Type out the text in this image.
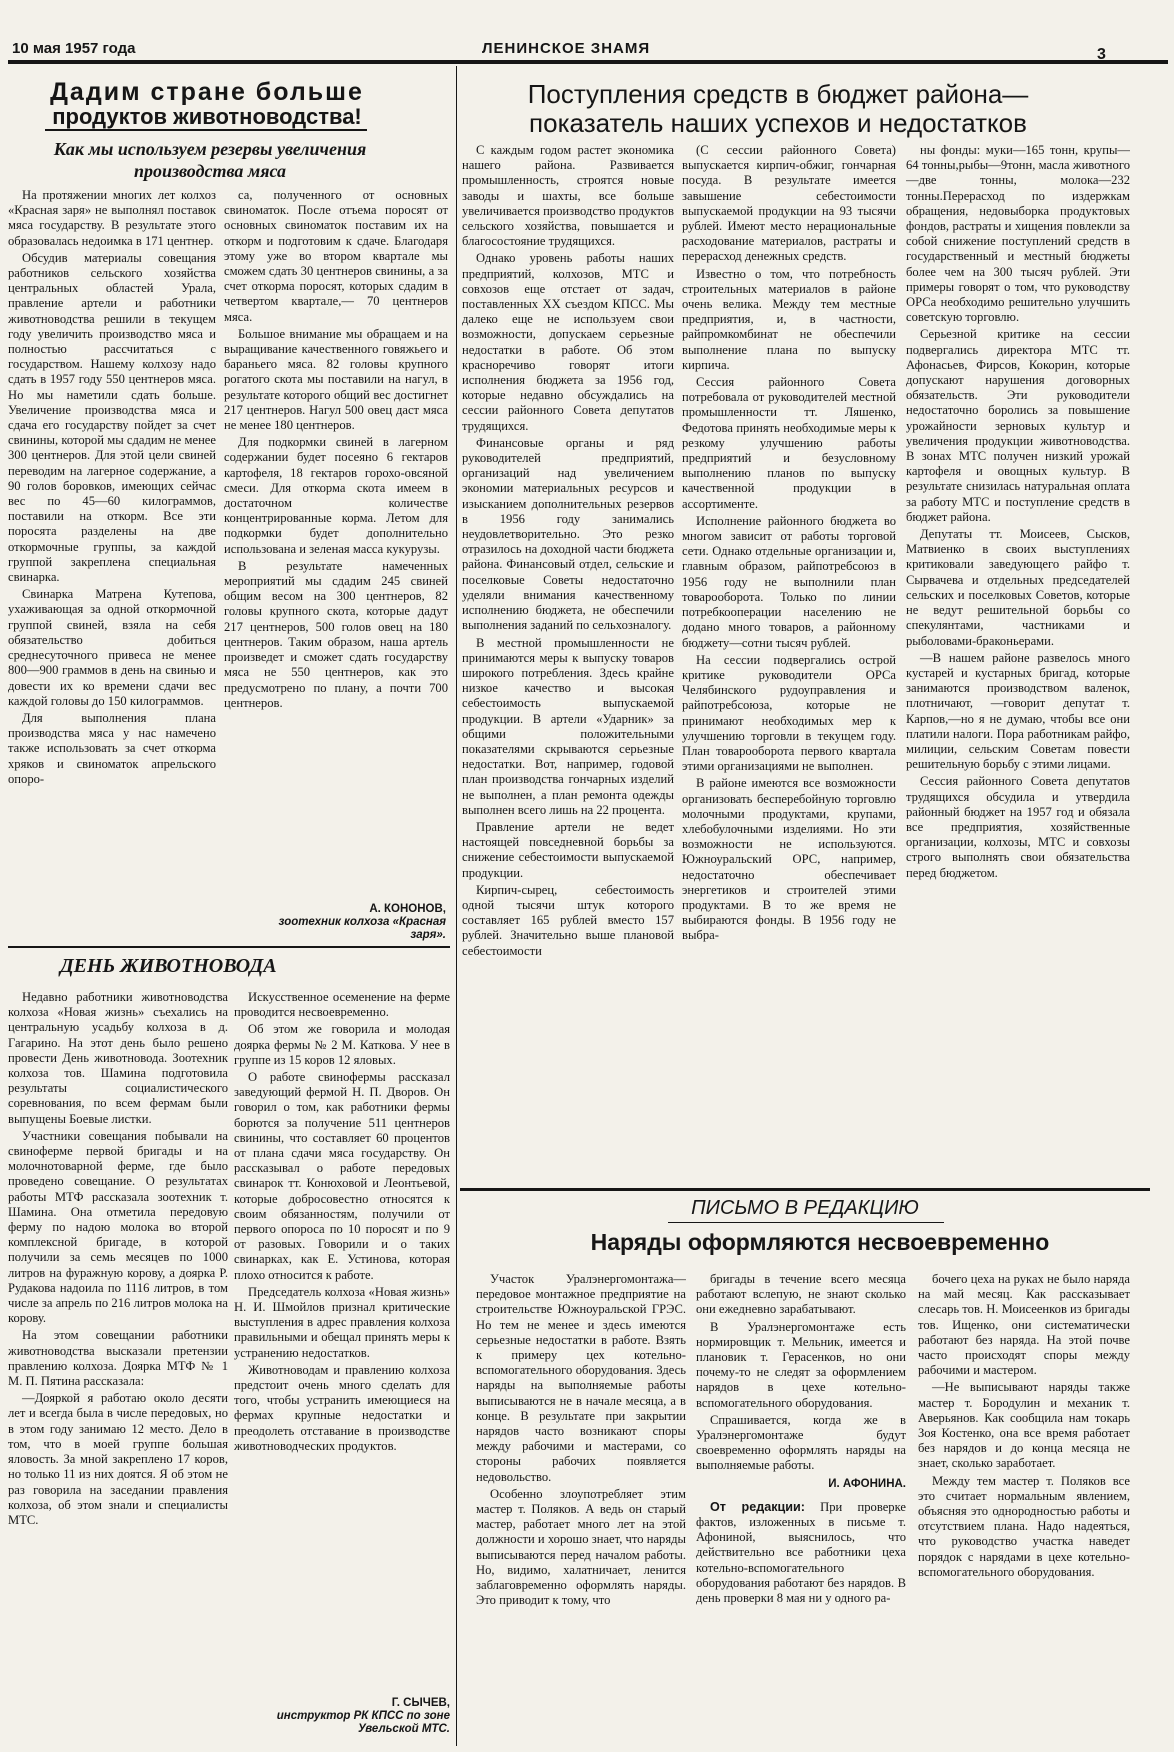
10 мая 1957 года	ЛЕНИНСКОЕ ЗНАМЯ	3
Дадим стране больше
продуктов животноводства!
Как мы используем резервы увеличения производства мяса

На протяжении многих лет колхоз «Красная заря» не выполнял поставок мяса государству. В результате этого образовалась недоимка в 171 центнер.

Обсудив материалы совещания работников сельского хозяйства центральных областей Урала, правление артели и работники животноводства решили в текущем году увеличить производство мяса и полностью рассчитаться с государством. Нашему колхозу надо сдать в 1957 году 550 центнеров мяса. Но мы наметили сдать больше. Увеличение производства мяса и сдача его государству пойдет за счет свинины, которой мы сдадим не менее 300 центнеров. Для этой цели свиней переводим на лагерное содержание, а 90 голов боровков, имеющих сейчас вес по 45—60 килограммов, поставили на откорм. Все эти поросята разделены на две откормочные группы, за каждой группой закреплена специальная свинарка.

Свинарка Матрена Кутепова, ухаживающая за одной откормочной группой свиней, взяла на себя обязательство добиться среднесуточного привеса не менее 800—900 граммов в день на свинью и довести их ко времени сдачи вес каждой головы до 150 килограммов.

Для выполнения плана производства мяса у нас намечено также использовать за счет откорма хряков и свиноматок апрельского опоро-

са, полученного от основных свиноматок. После отъема поросят от основных свиноматок поставим их на откорм и подготовим к сдаче. Благодаря этому уже во втором квартале мы сможем сдать 30 центнеров свинины, а за счет откорма поросят, которых сдадим в четвертом квартале,— 70 центнеров мяса.

Большое внимание мы обращаем и на выращивание качественного говяжьего и бараньего мяса. 82 головы крупного рогатого скота мы поставили на нагул, в результате которого общий вес достигнет 217 центнеров. Нагул 500 овец даст мяса не менее 180 центнеров.

Для подкормки свиней в лагерном содержании будет посеяно 6 гектаров картофеля, 18 гектаров горохо-овсяной смеси. Для откорма скота имеем в достаточном количестве концентрированные корма. Летом для подкормки будет дополнительно использована и зеленая масса кукурузы.

В результате намеченных мероприятий мы сдадим 245 свиней общим весом на 300 центнеров, 82 головы крупного скота, которые дадут 217 центнеров, 500 голов овец на 180 центнеров. Таким образом, наша артель произведет и сможет сдать государству мяса не 550 центнеров, как это предусмотрено по плану, а почти 700 центнеров.

А. КОНОНОВ,
зоотехник колхоза «Красная заря».
ДЕНЬ ЖИВОТНОВОДА

Недавно работники животноводства колхоза «Новая жизнь» съехались на центральную усадьбу колхоза в д. Гагарино. На этот день было решено провести День животновода. Зоотехник колхоза тов. Шамина подготовила результаты социалистического соревнования, по всем фермам были выпущены Боевые листки.

Участники совещания побывали на свиноферме первой бригады и на молочнотоварной ферме, где было проведено совещание. О результатах работы МТФ рассказала зоотехник т. Шамина. Она отметила передовую ферму по надою молока во второй комплексной бригаде, в которой получили за семь месяцев по 1000 литров на фуражную корову, а доярка Р. Рудакова надоила по 1116 литров, в том числе за апрель по 216 литров молока на корову.

На этом совещании работники животноводства высказали претензии правлению колхоза. Доярка МТФ № 1 М. П. Пятина рассказала:

—Дояркой я работаю около десяти лет и всегда была в числе передовых, но в этом году занимаю 12 место. Дело в том, что в моей группе большая яловость. За мной закреплено 17 коров, но только 11 из них доятся. Я об этом не раз говорила на заседании правления колхоза, об этом знали и специалисты МТС.

Искусственное осеменение на ферме проводится несвоевременно.

Об этом же говорила и молодая доярка фермы № 2 М. Каткова. У нее в группе из 15 коров 12 яловых.

О работе свинофермы рассказал заведующий фермой Н. П. Дворов. Он говорил о том, как работники фермы борются за получение 511 центнеров свинины, что составляет 60 процентов от плана сдачи мяса государству. Он рассказывал о работе передовых свинарок тт. Конюховой и Леонтьевой, которые добросовестно относятся к своим обязанностям, получили от первого опороса по 10 поросят и по 9 от разовых. Говорили и о таких свинарках, как Е. Устинова, которая плохо относится к работе.

Председатель колхоза «Новая жизнь» Н. И. Шмойлов признал критические выступления в адрес правления колхоза правильными и обещал принять меры к устранению недостатков.

Животноводам и правлению колхоза предстоит очень много сделать для того, чтобы устранить имеющиеся на фермах крупные недостатки и преодолеть отставание в производстве животноводческих продуктов.

Г. СЫЧЕВ,
инструктор РК КПСС по зоне Увельской МТС.
Поступления средств в бюджет района— показатель наших успехов и недостатков

С каждым годом растет экономика нашего района. Развивается промышленность, строятся новые заводы и шахты, все больше увеличивается производство продуктов сельского хозяйства, повышается и благосостояние трудящихся.

Однако уровень работы наших предприятий, колхозов, МТС и совхозов еще отстает от задач, поставленных XX съездом КПСС. Мы далеко еще не используем свои возможности, допускаем серьезные недостатки в работе. Об этом красноречиво говорят итоги исполнения бюджета за 1956 год, которые недавно обсуждались на сессии районного Совета депутатов трудящихся.

Финансовые органы и ряд руководителей предприятий, организаций над увеличением экономии материальных ресурсов и изысканием дополнительных резервов в 1956 году занимались неудовлетворительно. Это резко отразилось на доходной части бюджета района. Финансовый отдел, сельские и поселковые Советы недостаточно уделяли внимания качественному исполнению бюджета, не обеспечили выполнения заданий по сельхозналогу.

В местной промышленности не принимаются меры к выпуску товаров широкого потребления. Здесь крайне низкое качество и высокая себестоимость выпускаемой продукции. В артели «Ударник» за общими положительными показателями скрываются серьезные недостатки. Вот, например, годовой план производства гончарных изделий не выполнен, а план ремонта одежды выполнен всего лишь на 22 процента.

Правление артели не ведет настоящей повседневной борьбы за снижение себестоимости выпускаемой продукции.

Кирпич-сырец, себестоимость одной тысячи штук которого составляет 165 рублей вместо 157 рублей. Значительно выше плановой себестоимости

(С сессии районного Совета) выпускается кирпич-обжиг, гончарная посуда. В результате имеется завышение себестоимости выпускаемой продукции на 93 тысячи рублей. Имеют место нерациональные расходование материалов, растраты и перерасход денежных средств.

Известно о том, что потребность строительных материалов в районе очень велика. Между тем местные предприятия, и, в частности, райпромкомбинат не обеспечили выполнение плана по выпуску кирпича.

Сессия районного Совета потребовала от руководителей местной промышленности тт. Ляшенко, Федотова принять необходимые меры к резкому улучшению работы предприятий и безусловному выполнению планов по выпуску качественной продукции в ассортименте.

Исполнение районного бюджета во многом зависит от работы торговой сети. Однако отдельные организации и, главным образом, райпотребсоюз в 1956 году не выполнили план товарооборота. Только по линии потребкооперации населению не додано много товаров, а районному бюджету—сотни тысяч рублей.

На сессии подвергались острой критике руководители ОРСа Челябинского рудоуправления и райпотребсоюза, которые не принимают необходимых мер к улучшению торговли в текущем году. План товарооборота первого квартала этими организациями не выполнен.

В районе имеются все возможности организовать бесперебойную торговлю молочными продуктами, крупами, хлебобулочными изделиями. Но эти возможности не используются. Южноуральский ОРС, например, недостаточно обеспечивает энергетиков и строителей этими продуктами. В то же время не выбираются фонды. В 1956 году не выбра-

ны фонды: муки—165 тонн, крупы—64 тонны,рыбы—9тонн, масла животного—две тонны, молока—232 тонны.Перерасход по издержкам обращения, недовыборка продуктовых фондов, растраты и хищения повлекли за собой снижение поступлений средств в государственный и местный бюджеты более чем на 300 тысяч рублей. Эти примеры говорят о том, что руководству ОРСа необходимо решительно улучшить советскую торговлю.

Серьезной критике на сессии подвергались директора МТС тт. Афонасьев, Фирсов, Кокорин, которые допускают нарушения договорных обязательств. Эти руководители недостаточно боролись за повышение урожайности зерновых культур и увеличения продукции животноводства. В зонах МТС получен низкий урожай картофеля и овощных культур. В результате снизилась натуральная оплата за работу МТС и поступление средств в бюджет района.

Депутаты тт. Моисеев, Сысков, Матвиенко в своих выступлениях критиковали заведующего райфо т. Сырвачева и отдельных председателей сельских и поселковых Советов, которые не ведут решительной борьбы со спекулянтами, частниками и рыболовами-браконьерами.

—В нашем районе развелось много кустарей и кустарных бригад, которые занимаются производством валенок, плотничают, —говорит депутат т. Карпов,—но я не думаю, чтобы все они платили налоги. Пора работникам райфо, милиции, сельским Советам повести решительную борьбу с этими лицами.

Сессия районного Совета депутатов трудящихся обсудила и утвердила районный бюджет на 1957 год и обязала все предприятия, хозяйственные организации, колхозы, МТС и совхозы строго выполнять свои обязательства перед бюджетом.

ПИСЬМО В РЕДАКЦИЮ
Наряды оформляются несвоевременно

Участок Уралэнергомонтажа—передовое монтажное предприятие на строительстве Южноуральской ГРЭС. Но тем не менее и здесь имеются серьезные недостатки в работе. Взять к примеру цех котельно-вспомогательного оборудования. Здесь наряды на выполняемые работы выписываются не в начале месяца, а в конце. В результате при закрытии нарядов часто возникают споры между рабочими и мастерами, со стороны рабочих появляется недовольство.

Особенно злоупотребляет этим мастер т. Поляков. А ведь он старый мастер, работает много лет на этой должности и хорошо знает, что наряды выписываются перед началом работы. Но, видимо, халатничает, ленится заблаговременно оформлять наряды. Это приводит к тому, что

бригады в течение всего месяца работают вслепую, не знают сколько они ежедневно зарабатывают.

В Уралэнергомонтаже есть нормировщик т. Мельник, имеется и плановик т. Герасенков, но они почему-то не следят за оформлением нарядов в цехе котельно-вспомогательного оборудования.

Спрашивается, когда же в Уралэнергомонтаже будут своевременно оформлять наряды на выполняемые работы.

И. АФОНИНА.

От редакции: При проверке фактов, изложенных в письме т. Афониной, выяснилось, что действительно все работники цеха котельно-вспомогательного оборудования работают без нарядов. В день проверки 8 мая ни у одного ра-

бочего цеха на руках не было наряда на май месяц. Как рассказывает слесарь тов. Н. Моисеенков из бригады тов. Ищенко, они систематически работают без наряда. На этой почве часто происходят споры между рабочими и мастером.

—Не выписывают наряды также мастер т. Бородулин и механик т. Аверьянов. Как сообщила нам токарь Зоя Костенко, она все время работает без нарядов и до конца месяца не знает, сколько заработает.

Между тем мастер т. Поляков все это считает нормальным явлением, объясняя это однородностью работы и отсутствием плана. Надо надеяться, что руководство участка наведет порядок с нарядами в цехе котельно-вспомогательного оборудования.
